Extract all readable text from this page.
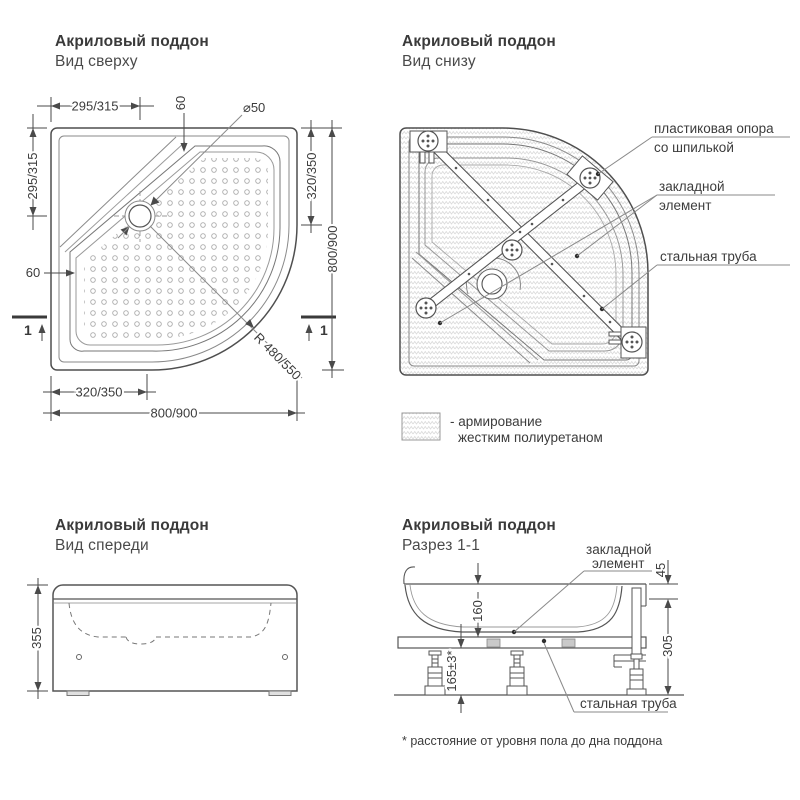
Акриловый поддон
Вид сверху
295/315	60	⌀50
295/315
60
1	1
320/350
800/900
320/350
800/900
R 480/550
Акриловый поддон
Вид снизу
пластиковая опора
со шпилькой
закладной
элемент
стальная труба
- армирование
жестким полиуретаном
Акриловый поддон
Вид спереди
355
Акриловый поддон
Разрез 1-1
160
165±3*
45
305
закладной
элемент
стальная труба
* расстояние от уровня пола до дна поддона
